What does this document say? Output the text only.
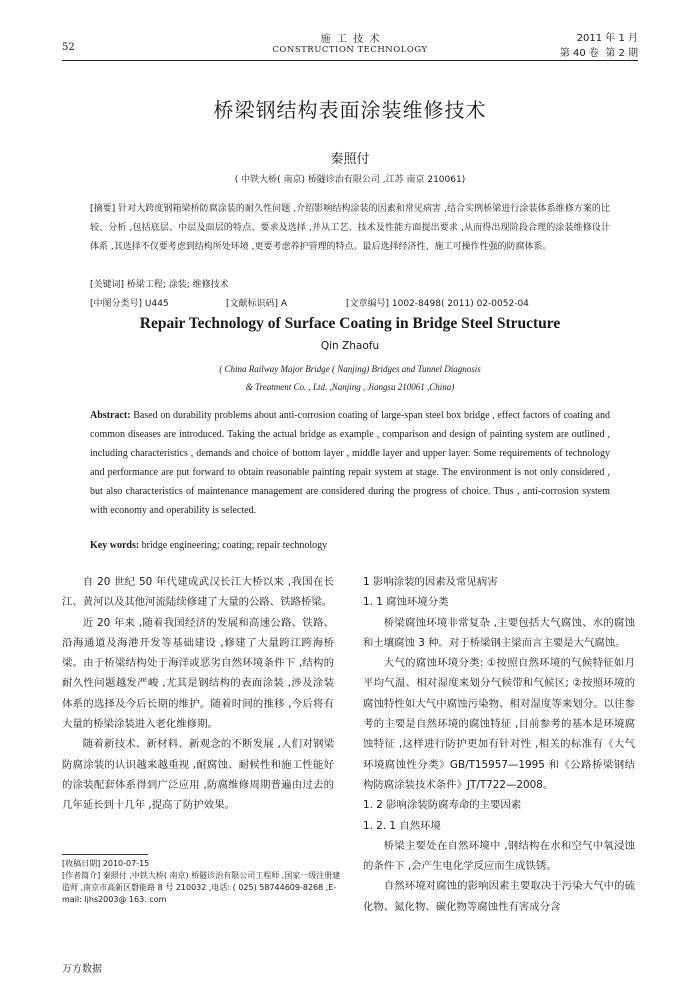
52
施  工  技  术
CONSTRUCTION TECHNOLOGY
2011 年 1 月
第 40 卷  第 2 期
桥梁钢结构表面涂装维修技术
秦照付
( 中铁大桥( 南京) 桥隧诊治有限公司 ,江苏 南京 210061)
[摘要] 针对大跨度钢箱梁桥防腐涂装的耐久性问题 ,介绍影响结构涂装的因素和常见病害 ,结合实例桥梁进行涂装体系维修方案的比较、分析 ,包括底层、中层及面层的特点、要求及选择 ,并从工艺、技术及性能方面提出要求 ,从而得出现阶段合理的涂装维修设计体系 ,其选择不仅要考虑到结构所处环境 ,更要考虑养护管理的特点。最后选择经济性、施工可操作性强的防腐体系。
[关键词] 桥梁工程; 涂装; 维修技术
[中图分类号] U445	[文献标识码] A	[文章编号] 1002-8498( 2011) 02-0052-04
Repair Technology of Surface Coating in Bridge Steel Structure
Qin Zhaofu
( China Railway Major Bridge ( Nanjing) Bridges and Tunnel Diagnosis
& Treatment Co. , Ltd. ,Nanjing , Jiangsu 210061 ,China)
Abstract: Based on durability problems about anti-corrosion coating of large-span steel box bridge , effect factors of coating and common diseases are introduced. Taking the actual bridge as example , comparison and design of painting system are outlined , including characteristics , demands and choice of bottom layer , middle layer and upper layer. Some requirements of technology and performance are put forward to obtain reasonable painting repair system at stage. The environment is not only considered , but also characteristics of maintenance management are considered during the progress of choice. Thus , anti-corrosion system with economy and operability is selected.
Key words: bridge engineering; coating; repair technology

自 20 世纪 50 年代建成武汉长江大桥以来 ,我国在长江、黄河以及其他河流陆续修建了大量的公路、铁路桥梁。

近 20 年来 ,随着我国经济的发展和高速公路、铁路、沿海通道及海港开发等基础建设 ,修建了大量跨江跨海桥梁。由于桥梁结构处于海洋或恶劣自然环境条件下 ,结构的耐久性问题越发严峻 ,尤其是钢结构的表面涂装 ,涉及涂装体系的选择及今后长期的维护。随着时间的推移 ,今后将有大量的桥梁涂装进入老化维修期。

随着新技术、新材料、新观念的不断发展 ,人们对钢梁防腐涂装的认识越来越重视 ,耐腐蚀、耐候性和施工性能好的涂装配套体系得到广泛应用 ,防腐维修周期普遍由过去的几年延长到十几年 ,提高了防护效果。

1 影响涂装的因素及常见病害

1. 1 腐蚀环境分类

桥梁腐蚀环境非常复杂 ,主要包括大气腐蚀、水的腐蚀和土壤腐蚀 3 种。对于桥梁钢主梁而言主要是大气腐蚀。

大气的腐蚀环境分类: ①按照自然环境的气候特征如月平均气温、相对湿度来划分气候带和气候区; ②按照环境的腐蚀特性如大气中腐蚀污染物、相对湿度等来划分。以往参考的主要是自然环境的腐蚀特征 ,目前参考的基本是环境腐蚀特征 ,这样进行防护更加有针对性 ,相关的标准有《大气环境腐蚀性分类》GB/T15957—1995 和《公路桥梁钢结构防腐涂装技术条件》JT/T722—2008。

1. 2 影响涂装防腐寿命的主要因素

1. 2. 1 自然环境

桥梁主要处在自然环境中 ,钢结构在水和空气中氧浸蚀的条件下 ,会产生电化学反应而生成铁锈。

自然环境对腐蚀的影响因素主要取决于污染大气中的硫化物、氮化物、碳化物等腐蚀性有害成分含

[收稿日期] 2010-07-15
[作者简介] 秦照付 ,中铁大桥( 南京) 桥隧诊治有限公司工程师 ,国家一级注册建造师 ,南京市高新区磐能路 8 号 210032 ,电话: ( 025) 58744609-8268 ,E-mail: ljhs2003@ 163. com
万方数据
